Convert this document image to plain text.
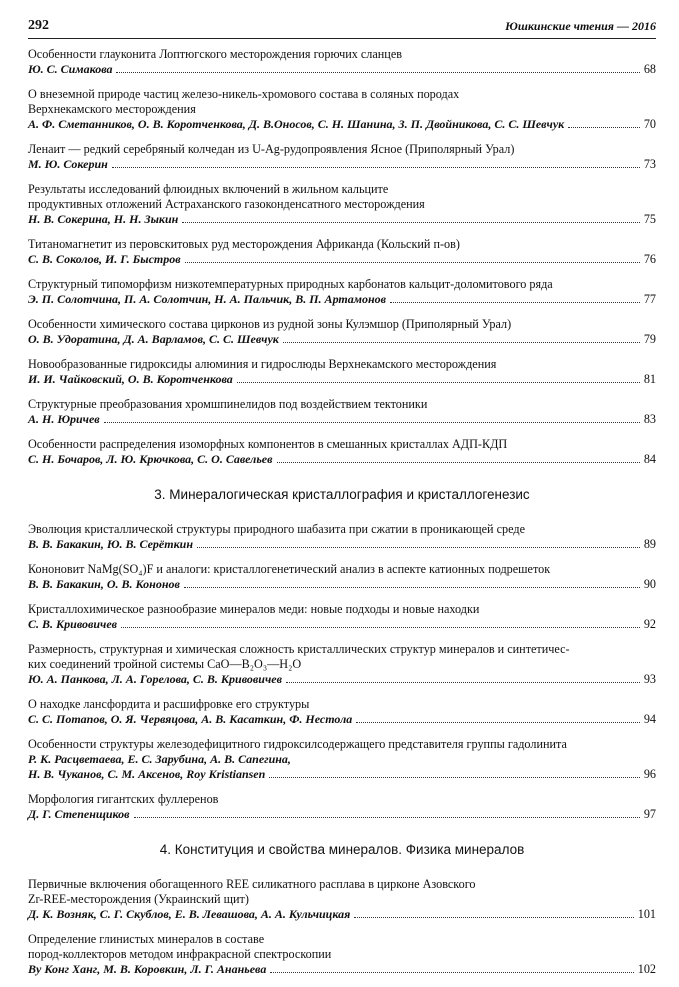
292	Юшкинские чтения — 2016
Особенности глауконита Лоптюгского месторождения горючих сланцев
Ю. С. Симакова	68
О внеземной природе частиц железо-никель-хромового состава в соляных породах
Верхнекамского месторождения
А. Ф. Сметанников, О. В. Коротченкова, Д. В.Оносов, С. Н. Шанина, З. П. Двойникова, С. С. Шевчук	70
Ленаит — редкий серебряный колчедан из U-Ag-рудопроявления Ясное (Приполярный Урал)
М. Ю. Сокерин	73
Результаты исследований флюидных включений в жильном кальците
продуктивных отложений Астраханского газоконденсатного месторождения
Н. В. Сокерина, Н. Н. Зыкин	75
Титаномагнетит из перовскитовых руд месторождения Африканда (Кольский п-ов)
С. В. Соколов, И. Г. Быстров	76
Структурный типоморфизм низкотемпературных природных карбонатов кальцит-доломитового ряда
Э. П. Солотчина, П. А. Солотчин, Н. А. Пальчик, В. П. Артамонов	77
Особенности химического состава цирконов из рудной зоны Кулэмшор (Приполярный Урал)
О. В. Удоратина, Д. А. Варламов, С. С. Шевчук	79
Новообразованные гидроксиды алюминия и гидрослюды Верхнекамского месторождения
И. И. Чайковский, О. В. Коротченкова	81
Структурные преобразования хромшпинелидов под воздействием тектоники
А. Н. Юричев	83
Особенности распределения изоморфных компонентов в смешанных кристаллах АДП-КДП
С. Н. Бочаров, Л. Ю. Крючкова, С. О. Савельев	84
3. Минералогическая кристаллография и кристаллогенезис
Эволюция кристаллической структуры природного шабазита при сжатии в проникающей среде
В. В. Бакакин, Ю. В. Серёткин	89
Кононовит NaMg(SO₄)F и аналоги: кристаллогенетический анализ в аспекте катионных подрешеток
В. В. Бакакин, О. В. Кононов	90
Кристаллохимическое разнообразие минералов меди: новые подходы и новые находки
С. В. Кривовичев	92
Размерность, структурная и химическая сложность кристаллических структур минералов и синтетичес-
ких соединений тройной системы CaO—B₂O₃—H₂O
Ю. А. Панкова, Л. А. Горелова, С. В. Кривовичев	93
О находке лансфордита и расшифровке его структуры
С. С. Потапов, О. Я. Червяцова, А. В. Касаткин, Ф. Нестола	94
Особенности структуры железодефицитного гидроксилсодержащего представителя группы гадолинита
Р. К. Расцветаева, Е. С. Зарубина, А. В. Сапегина,
Н. В. Чуканов, С. М. Аксенов, Roy Kristiansen	96
Морфология гигантских фуллеренов
Д. Г. Степенщиков	97
4. Конституция и свойства минералов. Физика минералов
Первичные включения обогащенного REE силикатного расплава в цирконе Азовского
Zr-REE-месторождения (Украинский щит)
Д. К. Возняк, С. Г. Скублов, Е. В. Левашова, А. А. Кульчицкая	101
Определение глинистых минералов в составе
пород-коллекторов методом инфракрасной спектроскопии
Ву Конг Ханг, М. В. Коровкин, Л. Г. Ананьева	102
